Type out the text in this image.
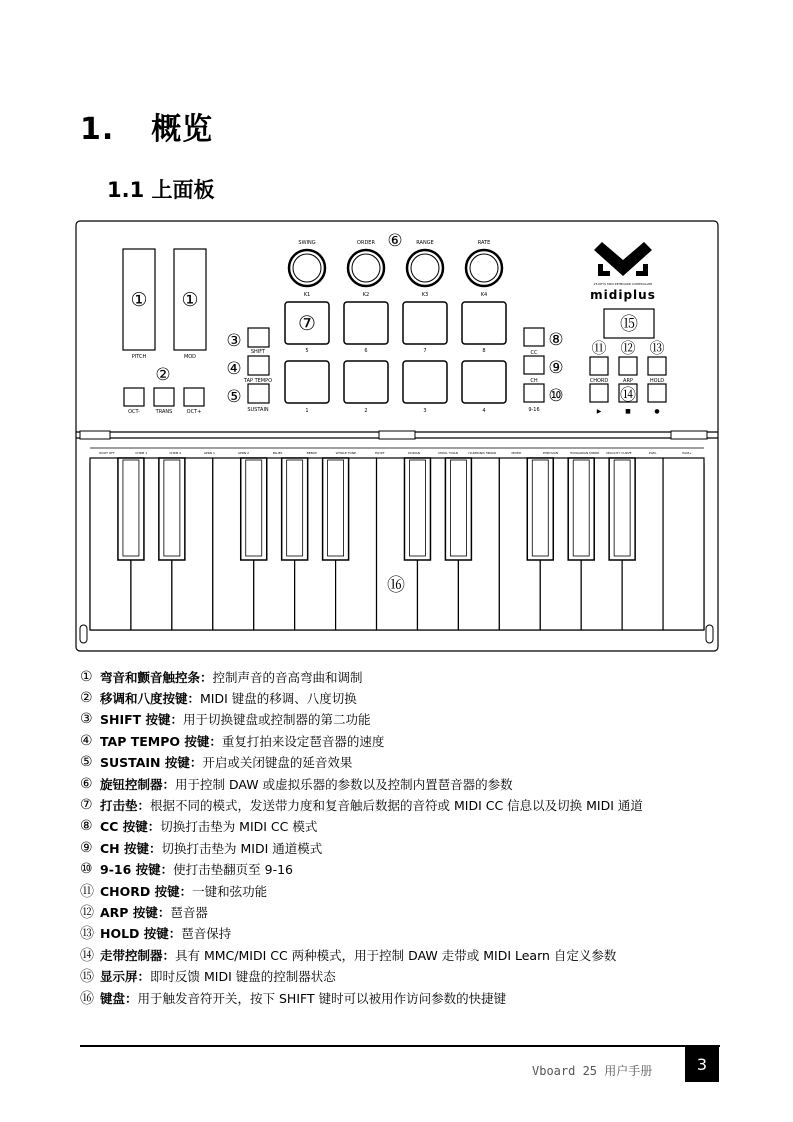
1. 概览
1.1 上面板
① ①
PITCH	MOD
②
OCT-	TRANS	OCT+
③
④
⑤
SHIFT
TAP TEMPO
SUSTAIN
⑥
SWING	ORDER	RANGE	RATE
K1	K2	K3	K4
⑦
5	6	7	8
1	2	3	4
⑧
⑨
⑩
CC
CH
9-16
25 KEYS MIDI KEYBOARD CONTROLLER
midiplus
⑮
⑪ ⑫ ⑬
CHORD	ARP	HOLD
⑭
▶	■	●
ROOT OFF	CHRM 1	CHRM 2	APRN 1	APRN 2	BLUES	BEBOP	WHOLE TONE	EGYPT	DORIAN	MIXOL YDIAN	HARMONIC MINOR	MIXED	PHRYGIAN	HUNGARIAN MINOR VELOCITY CURVE	PGM-	PGM+
⑯
① 弯音和颤音触控条： 控制声音的音高弯曲和调制
② 移调和八度按键： MIDI 键盘的移调、八度切换
③ SHIFT 按键： 用于切换键盘或控制器的第二功能
④ TAP TEMPO 按键： 重复打拍来设定琶音器的速度
⑤ SUSTAIN 按键： 开启或关闭键盘的延音效果
⑥ 旋钮控制器： 用于控制 DAW 或虚拟乐器的参数以及控制内置琶音器的参数
⑦ 打击垫： 根据不同的模式，发送带力度和复音触后数据的音符或 MIDI CC 信息以及切换 MIDI 通道
⑧ CC 按键： 切换打击垫为 MIDI CC 模式
⑨ CH 按键： 切换打击垫为 MIDI 通道模式
⑩ 9-16 按键： 使打击垫翻页至 9-16
⑪ CHORD 按键： 一键和弦功能
⑫ ARP 按键： 琶音器
⑬ HOLD 按键： 琶音保持
⑭ 走带控制器： 具有 MMC/MIDI CC 两种模式，用于控制 DAW 走带或 MIDI Learn 自定义参数
⑮ 显示屏： 即时反馈 MIDI 键盘的控制器状态
⑯ 键盘： 用于触发音符开关，按下 SHIFT 键时可以被用作访问参数的快捷键
Vboard 25 用户手册	3
